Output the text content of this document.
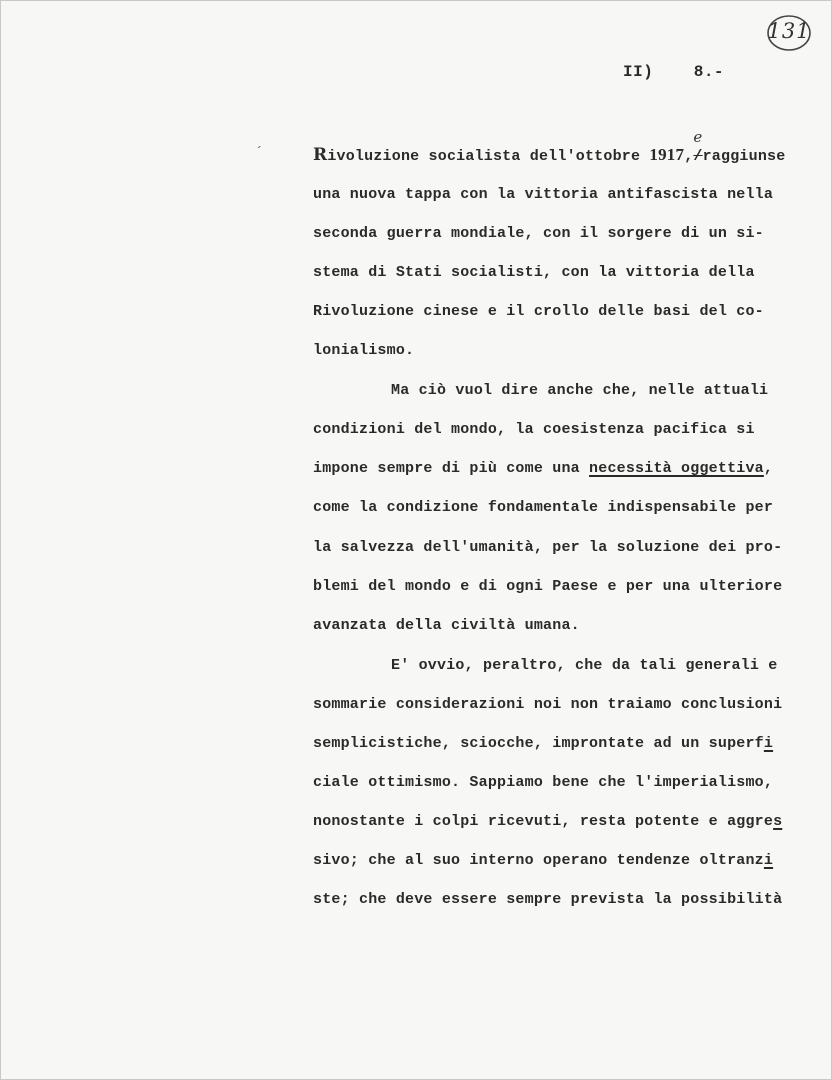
131
II)    8.-
´	Rivoluzione socialista dell'ottobre 1917,
e
/raggiunse
una nuova tappa con la vittoria antifascista nella
seconda guerra mondiale, con il sorgere di un si-
stema di Stati socialisti, con la vittoria della
Rivoluzione cinese e il crollo delle basi del co-
lonialismo.
Ma ciò vuol dire anche che, nelle attuali
condizioni del mondo, la coesistenza pacifica si
impone sempre di più come una necessità oggettiva,
come la condizione fondamentale indispensabile per
la salvezza dell'umanità, per la soluzione dei pro-
blemi del mondo e di ogni Paese e per una ulteriore
avanzata della civiltà umana.
E' ovvio, peraltro, che da tali generali e
sommarie considerazioni noi non traiamo conclusioni
semplicistiche, sciocche, improntate ad un superfi
ciale ottimismo. Sappiamo bene che l'imperialismo,
nonostante i colpi ricevuti, resta potente e aggres
sivo; che al suo interno operano tendenze oltranzi
ste; che deve essere sempre prevista la possibilità
